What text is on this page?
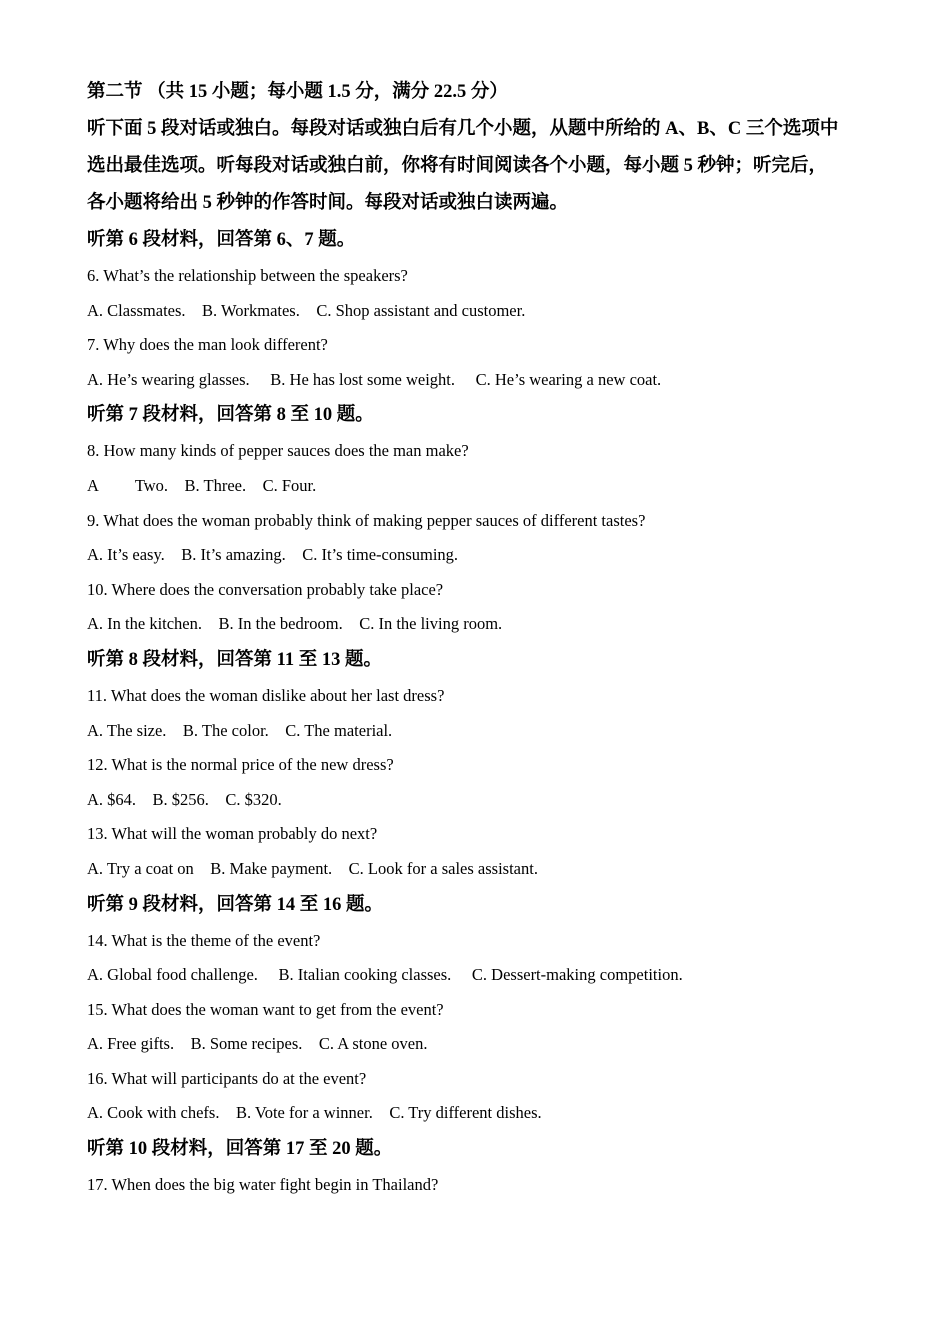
第二节 （共 15 小题；每小题 1.5 分，满分 22.5 分）
听下面 5 段对话或独白。每段对话或独白后有几个小题，从题中所给的 A、B、C 三个选项中
选出最佳选项。听每段对话或独白前，你将有时间阅读各个小题，每小题 5 秒钟；听完后，
各小题将给出 5 秒钟的作答时间。每段对话或独白读两遍。
听第 6 段材料，回答第 6、7 题。
6. What’s the relationship between the speakers?
A. Classmates.    B. Workmates.    C. Shop assistant and customer.
7. Why does the man look different?
A. He’s wearing glasses.     B. He has lost some weight.     C. He’s wearing a new coat.
听第 7 段材料，回答第 8 至 10 题。
8. How many kinds of pepper sauces does the man make?
A         Two.    B. Three.    C. Four.
9. What does the woman probably think of making pepper sauces of different tastes?
A. It’s easy.    B. It’s amazing.    C. It’s time-consuming.
10. Where does the conversation probably take place?
A. In the kitchen.    B. In the bedroom.    C. In the living room.
听第 8 段材料，回答第 11 至 13 题。
11. What does the woman dislike about her last dress?
A. The size.    B. The color.    C. The material.
12. What is the normal price of the new dress?
A. $64.    B. $256.    C. $320.
13. What will the woman probably do next?
A. Try a coat on    B. Make payment.    C. Look for a sales assistant.
听第 9 段材料，回答第 14 至 16 题。
14. What is the theme of the event?
A. Global food challenge.     B. Italian cooking classes.     C. Dessert-making competition.
15. What does the woman want to get from the event?
A. Free gifts.    B. Some recipes.    C. A stone oven.
16. What will participants do at the event?
A. Cook with chefs.    B. Vote for a winner.    C. Try different dishes.
听第 10 段材料，回答第 17 至 20 题。
17. When does the big water fight begin in Thailand?
